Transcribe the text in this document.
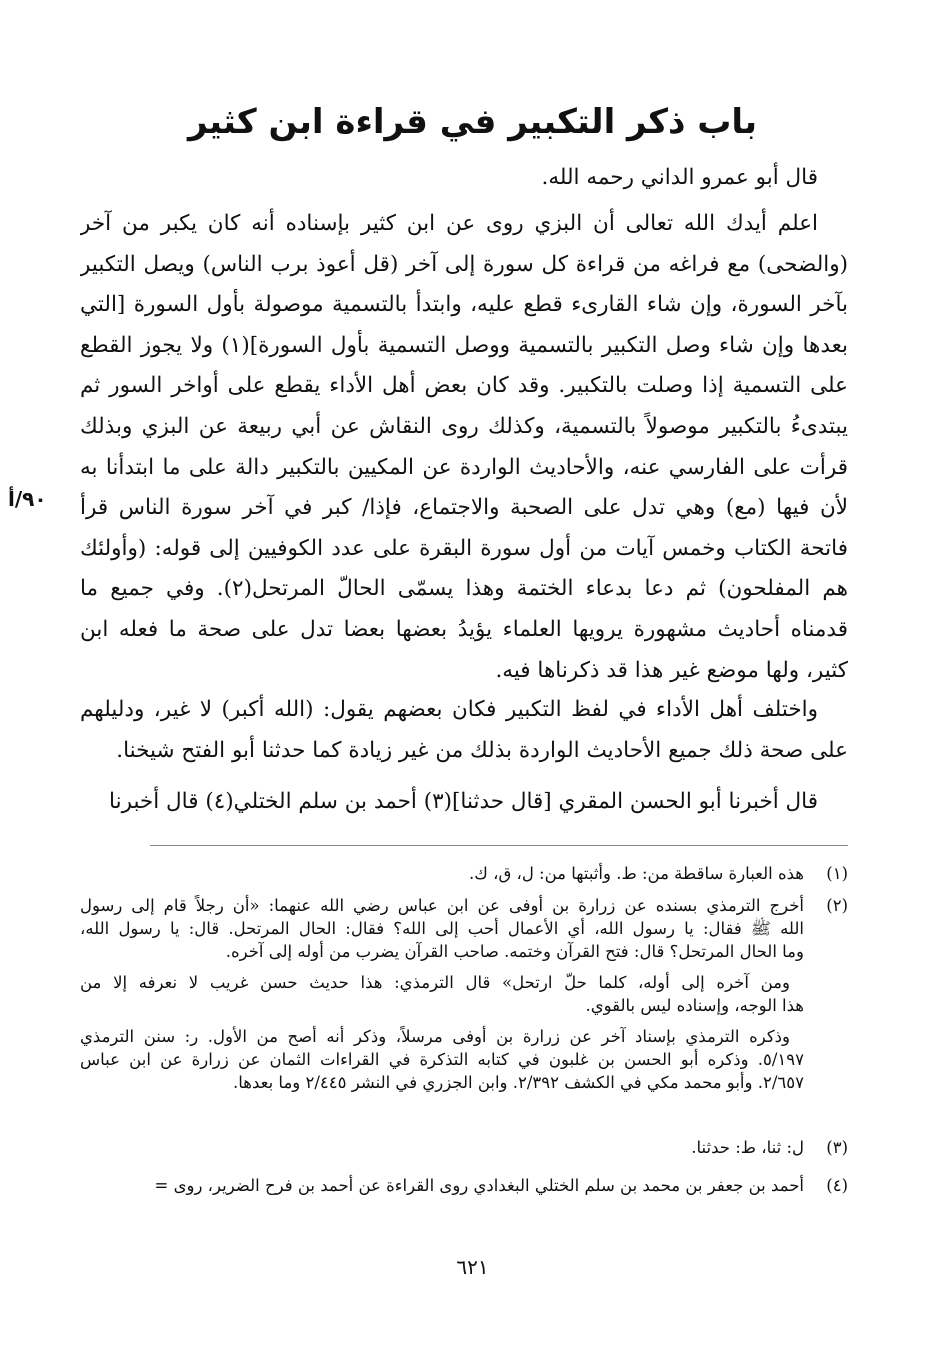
باب ذكر التكبير في قراءة ابن كثير
قال أبو عمرو الداني رحمه الله.
اعلم أيدك الله تعالى أن البزي روى عن ابن كثير بإسناده أنه كان يكبر من آخر
(والضحى) مع فراغه من قراءة كل سورة إلى آخر (قل أعوذ برب الناس) ويصل التكبير
بآخر السورة، وإن شاء القارىء قطع عليه، وابتدأ بالتسمية موصولة بأول السورة [التي
بعدها وإن شاء وصل التكبير بالتسمية ووصل التسمية بأول السورة](١) ولا يجوز القطع
على التسمية إذا وصلت بالتكبير. وقد كان بعض أهل الأداء يقطع على أواخر السور ثم
يبتدىءُ بالتكبير موصولاً بالتسمية، وكذلك روى النقاش عن أبي ربيعة عن البزي وبذلك
قرأت على الفارسي عنه، والأحاديث الواردة عن المكيين بالتكبير دالة على ما ابتدأنا به
لأن فيها (مع) وهي تدل على الصحبة والاجتماع، فإذا/ كبر في آخر سورة الناس قرأ
فاتحة الكتاب وخمس آيات من أول سورة البقرة على عدد الكوفيين إلى قوله: (وأولئك
هم المفلحون) ثم دعا بدعاء الختمة وهذا يسمّى الحالّ المرتحل(٢). وفي جميع ما
قدمناه أحاديث مشهورة يرويها العلماء يؤيدُ بعضها بعضا تدل على صحة ما فعله ابن
كثير، ولها موضع غير هذا قد ذكرناها فيه.
واختلف أهل الأداء في لفظ التكبير فكان بعضهم يقول: (الله أكبر) لا غير، ودليلهم
على صحة ذلك جميع الأحاديث الواردة بذلك من غير زيادة كما حدثنا أبو الفتح شيخنا.
قال أخبرنا أبو الحسن المقري [قال حدثنا](٣) أحمد بن سلم الختلي(٤) قال أخبرنا
٩٠/أ
(١)
هذه العبارة ساقطة من: ط. وأثبتها من: ل، ق، ك.
(٢)
أخرج الترمذي بسنده عن زرارة بن أوفى عن ابن عباس رضي الله عنهما: «أن رجلاً قام إلى رسول
الله ﷺ فقال: يا رسول الله، أي الأعمال أحب إلى الله؟ فقال: الحال المرتحل. قال: يا رسول الله،
وما الحال المرتحل؟ قال: فتح القرآن وختمه. صاحب القرآن يضرب من أوله إلى آخره.
ومن آخره إلى أوله، كلما حلّ ارتحل» قال الترمذي: هذا حديث حسن غريب لا نعرفه إلا من
هذا الوجه، وإسناده ليس بالقوي.
وذكره الترمذي بإسناد آخر عن زرارة بن أوفى مرسلاً، وذكر أنه أصح من الأول. ر: سنن الترمذي
٥/١٩٧. وذكره أبو الحسن بن غلبون في كتابه التذكرة في القراءات الثمان عن زرارة عن ابن عباس
٢/٦٥٧. وأبو محمد مكي في الكشف ٢/٣٩٢. وابن الجزري في النشر ٢/٤٤٥ وما بعدها.
(٣)
ل: ثنا، ط: حدثنا.
(٤)
أحمد بن جعفر بن محمد بن سلم الختلي البغدادي روى القراءة عن أحمد بن فرح الضرير، روى =
٦٢١
